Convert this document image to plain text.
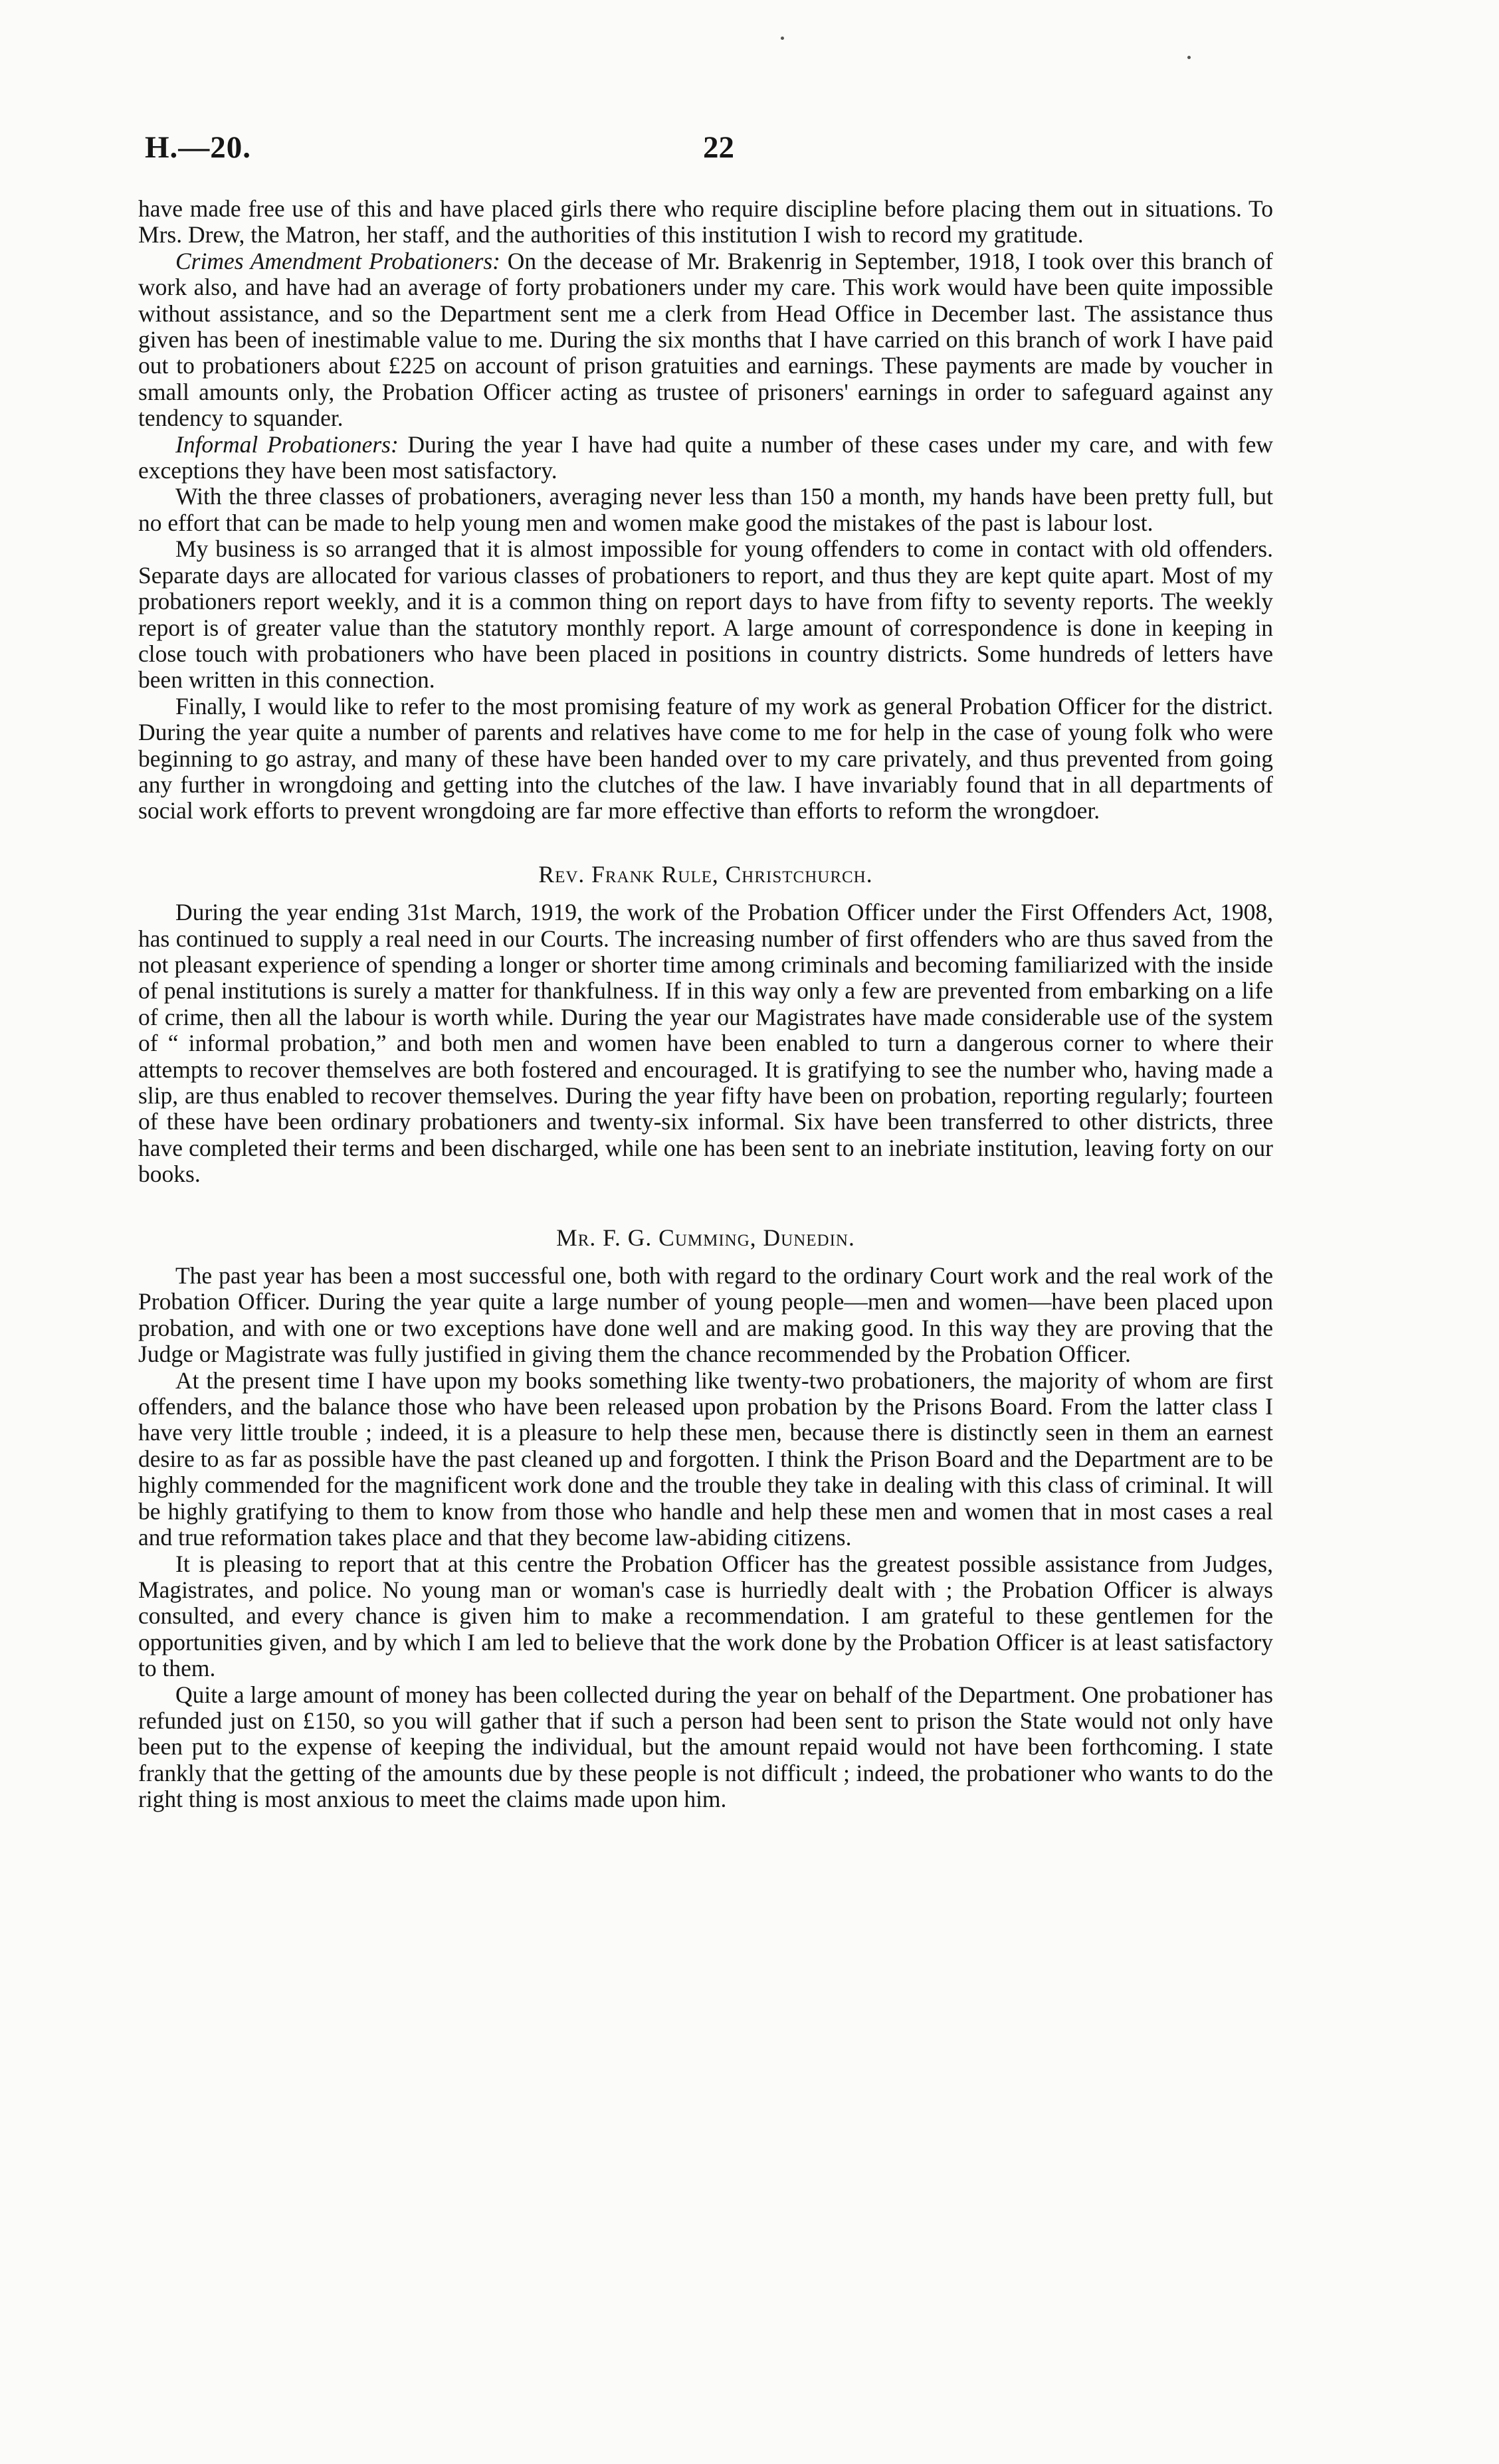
H.—20.	22

have made free use of this and have placed girls there who require discipline before placing them out in situations. To Mrs. Drew, the Matron, her staff, and the authorities of this institution I wish to record my gratitude.

Crimes Amendment Probationers: On the decease of Mr. Brakenrig in September, 1918, I took over this branch of work also, and have had an average of forty probationers under my care. This work would have been quite impossible without assistance, and so the Department sent me a clerk from Head Office in December last. The assistance thus given has been of inestimable value to me. During the six months that I have carried on this branch of work I have paid out to probationers about £225 on account of prison gratuities and earnings. These payments are made by voucher in small amounts only, the Probation Officer acting as trustee of prisoners' earnings in order to safeguard against any tendency to squander.

Informal Probationers: During the year I have had quite a number of these cases under my care, and with few exceptions they have been most satisfactory.

With the three classes of probationers, averaging never less than 150 a month, my hands have been pretty full, but no effort that can be made to help young men and women make good the mistakes of the past is labour lost.

My business is so arranged that it is almost impossible for young offenders to come in contact with old offenders. Separate days are allocated for various classes of probationers to report, and thus they are kept quite apart. Most of my probationers report weekly, and it is a common thing on report days to have from fifty to seventy reports. The weekly report is of greater value than the statutory monthly report. A large amount of correspondence is done in keeping in close touch with probationers who have been placed in positions in country districts. Some hundreds of letters have been written in this connection.

Finally, I would like to refer to the most promising feature of my work as general Probation Officer for the district. During the year quite a number of parents and relatives have come to me for help in the case of young folk who were beginning to go astray, and many of these have been handed over to my care privately, and thus prevented from going any further in wrongdoing and getting into the clutches of the law. I have invariably found that in all departments of social work efforts to prevent wrongdoing are far more effective than efforts to reform the wrongdoer.

Rev. Frank Rule, Christchurch.

During the year ending 31st March, 1919, the work of the Probation Officer under the First Offenders Act, 1908, has continued to supply a real need in our Courts. The increasing number of first offenders who are thus saved from the not pleasant experience of spending a longer or shorter time among criminals and becoming familiarized with the inside of penal institutions is surely a matter for thankfulness. If in this way only a few are prevented from embarking on a life of crime, then all the labour is worth while. During the year our Magistrates have made considerable use of the system of “ informal probation,” and both men and women have been enabled to turn a dangerous corner to where their attempts to recover themselves are both fostered and encouraged. It is gratifying to see the number who, having made a slip, are thus enabled to recover themselves. During the year fifty have been on probation, reporting regularly; fourteen of these have been ordinary probationers and twenty-six informal. Six have been transferred to other districts, three have completed their terms and been discharged, while one has been sent to an inebriate institution, leaving forty on our books.

Mr. F. G. Cumming, Dunedin.

The past year has been a most successful one, both with regard to the ordinary Court work and the real work of the Probation Officer. During the year quite a large number of young people—men and women—have been placed upon probation, and with one or two exceptions have done well and are making good. In this way they are proving that the Judge or Magistrate was fully justified in giving them the chance recommended by the Probation Officer.

At the present time I have upon my books something like twenty-two probationers, the majority of whom are first offenders, and the balance those who have been released upon probation by the Prisons Board. From the latter class I have very little trouble ; indeed, it is a pleasure to help these men, because there is distinctly seen in them an earnest desire to as far as possible have the past cleaned up and forgotten. I think the Prison Board and the Department are to be highly commended for the magnificent work done and the trouble they take in dealing with this class of criminal. It will be highly gratifying to them to know from those who handle and help these men and women that in most cases a real and true reformation takes place and that they become law-abiding citizens.

It is pleasing to report that at this centre the Probation Officer has the greatest possible assistance from Judges, Magistrates, and police. No young man or woman's case is hurriedly dealt with ; the Probation Officer is always consulted, and every chance is given him to make a recommendation. I am grateful to these gentlemen for the opportunities given, and by which I am led to believe that the work done by the Probation Officer is at least satisfactory to them.

Quite a large amount of money has been collected during the year on behalf of the Department. One probationer has refunded just on £150, so you will gather that if such a person had been sent to prison the State would not only have been put to the expense of keeping the individual, but the amount repaid would not have been forthcoming. I state frankly that the getting of the amounts due by these people is not difficult ; indeed, the probationer who wants to do the right thing is most anxious to meet the claims made upon him.
